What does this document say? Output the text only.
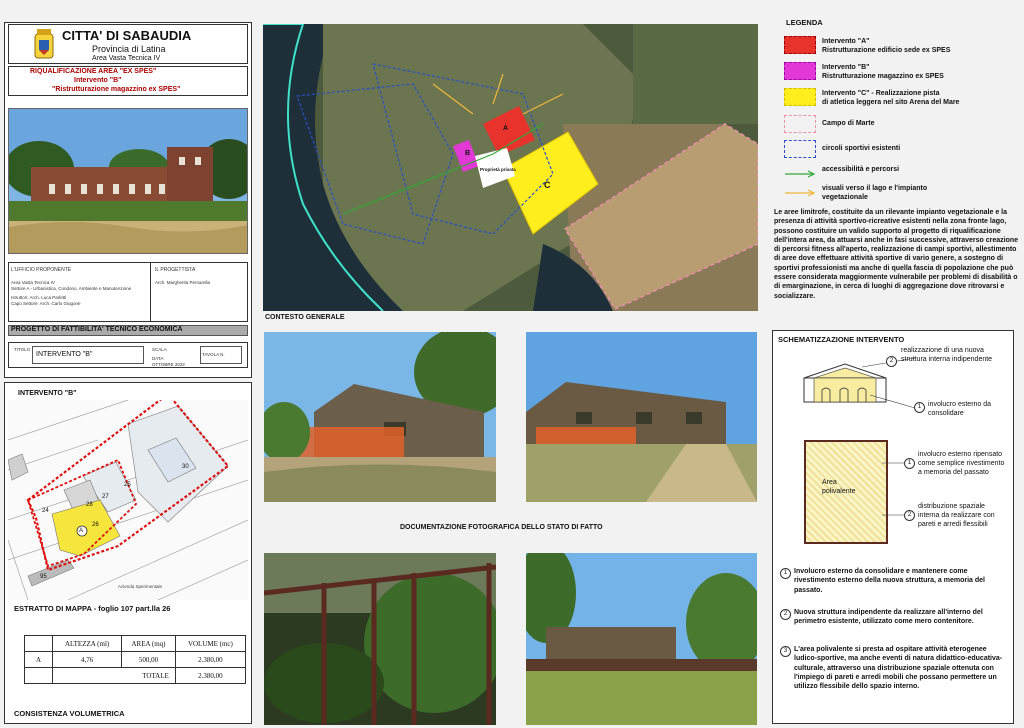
CITTA' DI SABAUDIA
Provincia di Latina
Area Vasta Tecnica IV
RIQUALIFICAZIONE AREA "EX SPES"
Intervento "B"
"Ristrutturazione magazzino ex SPES"
L'UFFICIO PROPONENTE
Area Vasta Tecnica IV
Settore A - Urbanistica, Condono, Ambiente e Manutenzione
Istruttori: Arch. Luca Parletti
Capo Settore: Arch. Carlo Giugone
IL PROGETTISTA
Arch. Margherita Pernarella
PROGETTO DI FATTIBILITA' TECNICO ECONOMICA
TITOLO
INTERVENTO "B"
SCALA
DATA
OTTOBRE 2022
TAVOLA N.
INTERVENTO "B"
A
24
25
26
27
28
30
95
Azienda Sperimentale
ESTRATTO DI MAPPA - foglio 107 part.lla 26
	ALTEZZA (ml)	AREA (mq)	VOLUME (mc)
A	4,76	500,00	2.380,00
		TOTALE	2.380,00
CONSISTENZA VOLUMETRICA
A
B
C
Proprietà privata
CONTESTO GENERALE
DOCUMENTAZIONE FOTOGRAFICA DELLO STATO DI FATTO
LEGENDA
Intervento "A"
Ristrutturazione edificio sede ex SPES
Intervento "B"
Ristrutturazione magazzino ex SPES
Intervento "C" - Realizzazione pista
di atletica leggera nel sito Arena del Mare
Campo di Marte
circoli sportivi esistenti
accessibilità e percorsi
visuali verso il lago e l'impianto
vegetazionale
Le aree limitrofe, costituite da un rilevante impianto vegetazionale e la presenza di attività sportivo-ricreative esistenti nella zona fronte lago, possono costituire un valido supporto al progetto di riqualificazione dell'intera area, da attuarsi anche in fasi successive, attraverso creazione di percorsi fitness all'aperto, realizzazione di campi sportivi, allestimento di aree dove effettuare attività sportive di vario genere, a sostegno di sportivi professionisti ma anche di quella fascia di popolazione che può essere considerata maggiormente vulnerabile per problemi di disabilità o di emarginazione, in cerca di luoghi di aggregazione dove ritrovarsi e socializzare.
SCHEMATIZZAZIONE INTERVENTO
2
realizzazione di una nuova struttura interna indipendente
1 involucro esterno da consolidare
Area polivalente
1
involucro esterno ripensato come semplice rivestimento a memoria del passato
2
distribuzione spaziale interna da realizzare con pareti e arredi flessibili
1 Involucro esterno da consolidare e mantenere come rivestimento esterno della nuova struttura, a memoria del passato.
2 Nuova struttura indipendente da realizzare all'interno del perimetro esistente, utilizzato come mero contenitore.
3 L'area polivalente si presta ad ospitare attività eterogenee ludico-sportive, ma anche eventi di natura didattico-educativa-culturale, attraverso una distribuzione spaziale ottenuta con l'impiego di pareti e arredi mobili che possano permettere un utilizzo flessibile dello spazio interno.
